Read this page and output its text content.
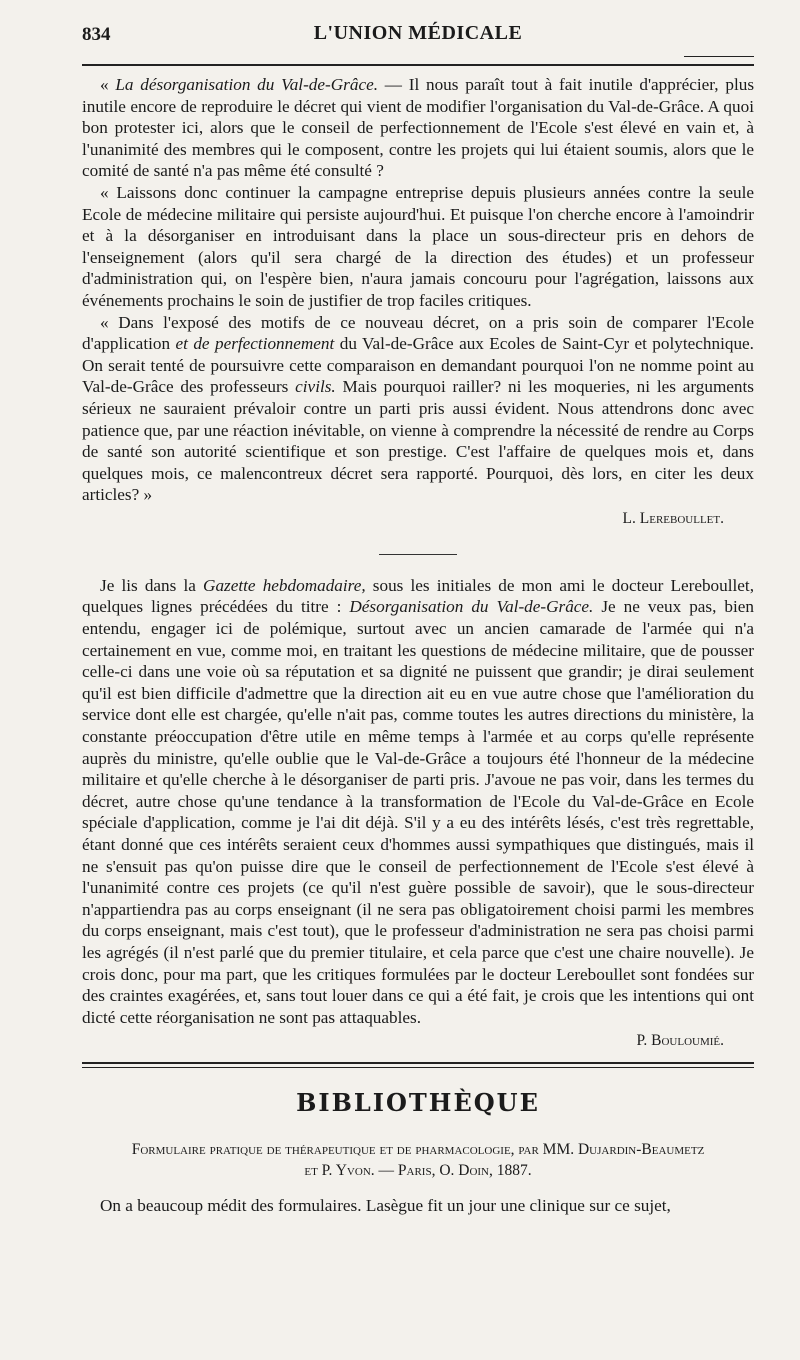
834	L'UNION MÉDICALE

« La désorganisation du Val-de-Grâce. — Il nous paraît tout à fait inutile d'apprécier, plus inutile encore de reproduire le décret qui vient de modifier l'organisation du Val-de-Grâce. A quoi bon protester ici, alors que le conseil de perfectionnement de l'Ecole s'est élevé en vain et, à l'unanimité des membres qui le composent, contre les projets qui lui étaient soumis, alors que le comité de santé n'a pas même été consulté ?

« Laissons donc continuer la campagne entreprise depuis plusieurs années contre la seule Ecole de médecine militaire qui persiste aujourd'hui. Et puisque l'on cherche encore à l'amoindrir et à la désorganiser en introduisant dans la place un sous-directeur pris en dehors de l'enseignement (alors qu'il sera chargé de la direction des études) et un professeur d'administration qui, on l'espère bien, n'aura jamais concouru pour l'agrégation, laissons aux événements prochains le soin de justifier de trop faciles critiques.

« Dans l'exposé des motifs de ce nouveau décret, on a pris soin de comparer l'Ecole d'application et de perfectionnement du Val-de-Grâce aux Ecoles de Saint-Cyr et polytechnique. On serait tenté de poursuivre cette comparaison en demandant pourquoi l'on ne nomme point au Val-de-Grâce des professeurs civils. Mais pourquoi railler? ni les moqueries, ni les arguments sérieux ne sauraient prévaloir contre un parti pris aussi évident. Nous attendrons donc avec patience que, par une réaction inévitable, on vienne à comprendre la nécessité de rendre au Corps de santé son autorité scientifique et son prestige. C'est l'affaire de quelques mois et, dans quelques mois, ce malencontreux décret sera rapporté. Pourquoi, dès lors, en citer les deux articles? »

L. Lereboullet.

Je lis dans la Gazette hebdomadaire, sous les initiales de mon ami le docteur Lereboullet, quelques lignes précédées du titre : Désorganisation du Val-de-Grâce. Je ne veux pas, bien entendu, engager ici de polémique, surtout avec un ancien camarade de l'armée qui n'a certainement en vue, comme moi, en traitant les questions de médecine militaire, que de pousser celle-ci dans une voie où sa réputation et sa dignité ne puissent que grandir; je dirai seulement qu'il est bien difficile d'admettre que la direction ait eu en vue autre chose que l'amélioration du service dont elle est chargée, qu'elle n'ait pas, comme toutes les autres directions du ministère, la constante préoccupation d'être utile en même temps à l'armée et au corps qu'elle représente auprès du ministre, qu'elle oublie que le Val-de-Grâce a toujours été l'honneur de la médecine militaire et qu'elle cherche à le désorganiser de parti pris. J'avoue ne pas voir, dans les termes du décret, autre chose qu'une tendance à la transformation de l'Ecole du Val-de-Grâce en Ecole spéciale d'application, comme je l'ai dit déjà. S'il y a eu des intérêts lésés, c'est très regrettable, étant donné que ces intérêts seraient ceux d'hommes aussi sympathiques que distingués, mais il ne s'ensuit pas qu'on puisse dire que le conseil de perfectionnement de l'Ecole s'est élevé à l'unanimité contre ces projets (ce qu'il n'est guère possible de savoir), que le sous-directeur n'appartiendra pas au corps enseignant (il ne sera pas obligatoirement choisi parmi les membres du corps enseignant, mais c'est tout), que le professeur d'administration ne sera pas choisi parmi les agrégés (il n'est parlé que du premier titulaire, et cela parce que c'est une chaire nouvelle). Je crois donc, pour ma part, que les critiques formulées par le docteur Lereboullet sont fondées sur des craintes exagérées, et, sans tout louer dans ce qui a été fait, je crois que les intentions qui ont dicté cette réorganisation ne sont pas attaquables.

P. Bouloumié.
BIBLIOTHÈQUE
Formulaire pratique de thérapeutique et de pharmacologie, par MM. Dujardin-Beaumetz
et P. Yvon. — Paris, O. Doin, 1887.

On a beaucoup médit des formulaires. Lasègue fit un jour une clinique sur ce sujet,
